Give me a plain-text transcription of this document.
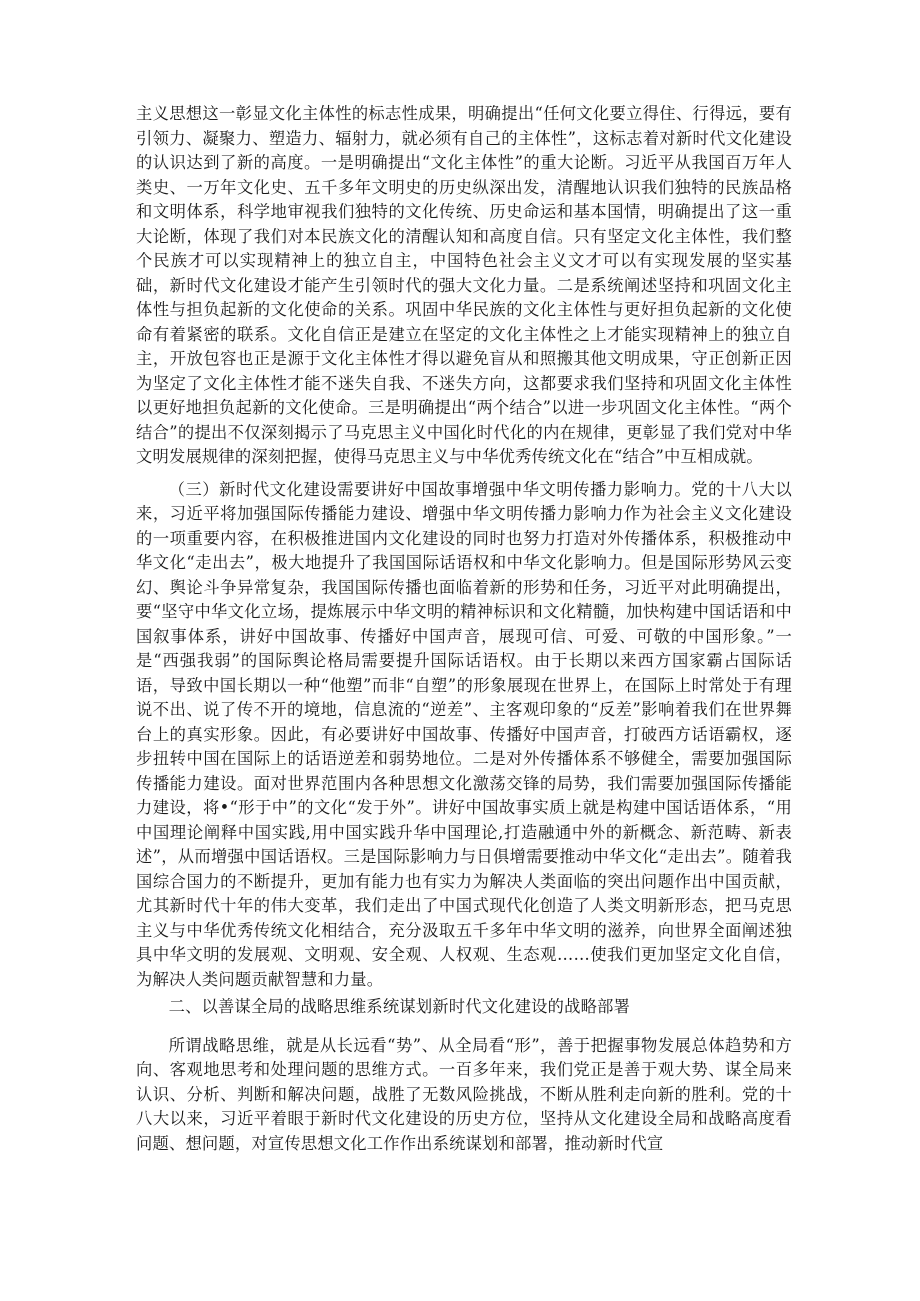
主义思想这一彰显文化主体性的标志性成果，明确提出“任何文化要立得住、行得远，要有引领力、凝聚力、塑造力、辐射力，就必须有自己的主体性”，这标志着对新时代文化建设的认识达到了新的高度。一是明确提出“文化主体性”的重大论断。习近平从我国百万年人类史、一万年文化史、五千多年文明史的历史纵深出发，清醒地认识我们独特的民族品格和文明体系，科学地审视我们独特的文化传统、历史命运和基本国情，明确提出了这一重大论断，体现了我们对本民族文化的清醒认知和高度自信。只有坚定文化主体性，我们整个民族才可以实现精神上的独立自主，中国特色社会主义文才可以有实现发展的坚实基础，新时代文化建设才能产生引领时代的强大文化力量。二是系统阐述坚持和巩固文化主体性与担负起新的文化使命的关系。巩固中华民族的文化主体性与更好担负起新的文化使命有着紧密的联系。文化自信正是建立在坚定的文化主体性之上才能实现精神上的独立自主，开放包容也正是源于文化主体性才得以避免盲从和照搬其他文明成果，守正创新正因为坚定了文化主体性才能不迷失自我、不迷失方向，这都要求我们坚持和巩固文化主体性以更好地担负起新的文化使命。三是明确提出“两个结合”以进一步巩固文化主体性。“两个结合”的提出不仅深刻揭示了马克思主义中国化时代化的内在规律，更彰显了我们党对中华文明发展规律的深刻把握，使得马克思主义与中华优秀传统文化在“结合”中互相成就。

（三）新时代文化建设需要讲好中国故事增强中华文明传播力影响力。党的十八大以来，习近平将加强国际传播能力建设、增强中华文明传播力影响力作为社会主义文化建设的一项重要内容，在积极推进国内文化建设的同时也努力打造对外传播体系，积极推动中华文化“走出去”，极大地提升了我国国际话语权和中华文化影响力。但是国际形势风云变幻、舆论斗争异常复杂，我国国际传播也面临着新的形势和任务，习近平对此明确提出，要“坚守中华文化立场，提炼展示中华文明的精神标识和文化精髓，加快构建中国话语和中国叙事体系，讲好中国故事、传播好中国声音，展现可信、可爱、可敬的中国形象。”一是“西强我弱”的国际舆论格局需要提升国际话语权。由于长期以来西方国家霸占国际话语，导致中国长期以一种“他塑”而非“自塑”的形象展现在世界上，在国际上时常处于有理说不出、说了传不开的境地，信息流的“逆差”、主客观印象的“反差”影响着我们在世界舞台上的真实形象。因此，有必要讲好中国故事、传播好中国声音，打破西方话语霸权，逐步扭转中国在国际上的话语逆差和弱势地位。二是对外传播体系不够健全，需要加强国际传播能力建设。面对世界范围内各种思想文化激荡交锋的局势，我们需要加强国际传播能力建设，将•“形于中”的文化“发于外”。讲好中国故事实质上就是构建中国话语体系，“用中国理论阐释中国实践,用中国实践升华中国理论,打造融通中外的新概念、新范畴、新表述”，从而增强中国话语权。三是国际影响力与日俱增需要推动中华文化“走出去”。随着我国综合国力的不断提升，更加有能力也有实力为解决人类面临的突出问题作出中国贡献，尤其新时代十年的伟大变革，我们走出了中国式现代化创造了人类文明新形态，把马克思主义与中华优秀传统文化相结合，充分汲取五千多年中华文明的滋养，向世界全面阐述独具中华文明的发展观、文明观、安全观、人权观、生态观……使我们更加坚定文化自信，为解决人类问题贡献智慧和力量。

二、以善谋全局的战略思维系统谋划新时代文化建设的战略部署

所谓战略思维，就是从长远看“势”、从全局看“形”，善于把握事物发展总体趋势和方向、客观地思考和处理问题的思维方式。一百多年来，我们党正是善于观大势、谋全局来认识、分析、判断和解决问题，战胜了无数风险挑战，不断从胜利走向新的胜利。党的十八大以来，习近平着眼于新时代文化建设的历史方位，坚持从文化建设全局和战略高度看问题、想问题，对宣传思想文化工作作出系统谋划和部署，推动新时代宣
